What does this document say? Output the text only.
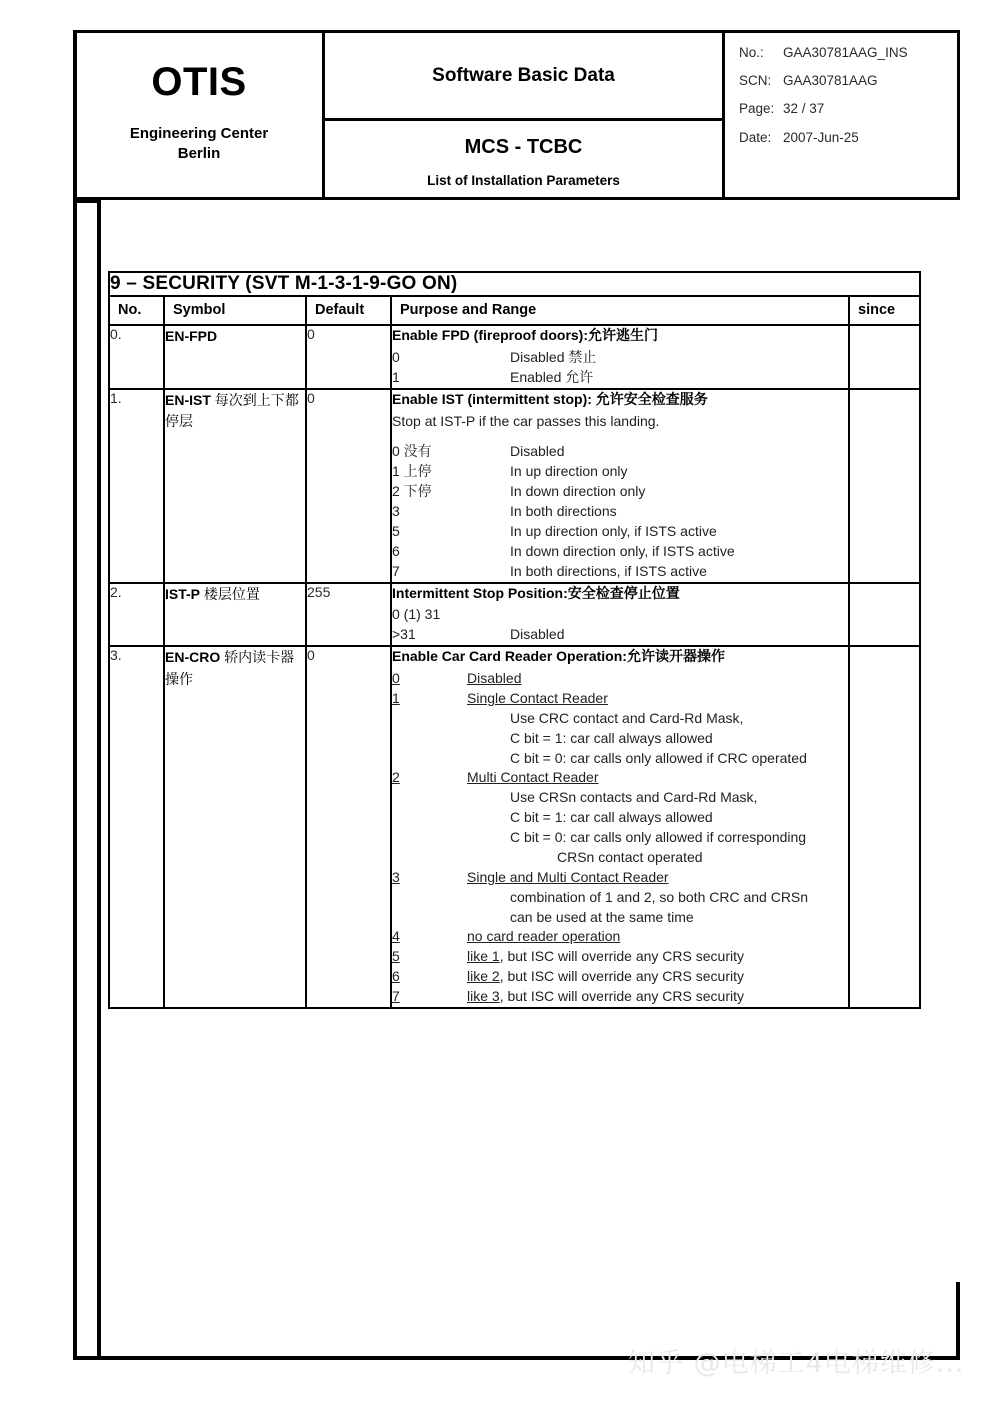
OTIS
Engineering Center
Berlin
Software Basic Data
MCS - TCBC
List of Installation Parameters
No.:	GAA30781AAG_INS
SCN: GAA30781AAG
Page: 32 / 37
Date: 2007-Jun-25
9 – SECURITY (SVT M-1-3-1-9-GO ON)				
No.	Symbol	Default	Purpose and Range	since
0.	EN-FPD	0	Enable FPD (fireproof doors):允许逃生门
0 Disabled 禁止
1 Enabled 允许	

1.	EN-IST 每次到上下都停层	0	Enable IST (intermittent stop): 允许安全检查服务
Stop at IST-P if the car passes this landing.
0 没有	Disabled
1 上停	In up direction only
2 下停	In down direction only
3	In both directions
5	In up direction only, if ISTS active
6	In down direction only, if ISTS active
7	In both directions, if ISTS active

2.	IST-P 楼层位置	255	Intermittent Stop Position:安全检查停止位置
0 (1) 31
>31 Disabled	

3.	EN-CRO 轿内读卡器操作	0	Enable Car Card Reader Operation:允许读开器操作
0	Disabled
1	Single Contact Reader
Use CRC contact and Card-Rd Mask,
C bit = 1: car call always allowed
C bit = 0: car calls only allowed if CRC operated
2	Multi Contact Reader
Use CRSn contacts and Card-Rd Mask,
C bit = 1: car call always allowed
C bit = 0: car calls only allowed if corresponding
CRSn contact operated
3	Single and Multi Contact Reader
combination of 1 and 2, so both CRC and CRSn
can be used at the same time
4	no card reader operation
5	like 1, but ISC will override any CRS security
6	like 2, but ISC will override any CRS security
7	like 3, but ISC will override any CRS security

知乎 @电梯工4电梯维修...
